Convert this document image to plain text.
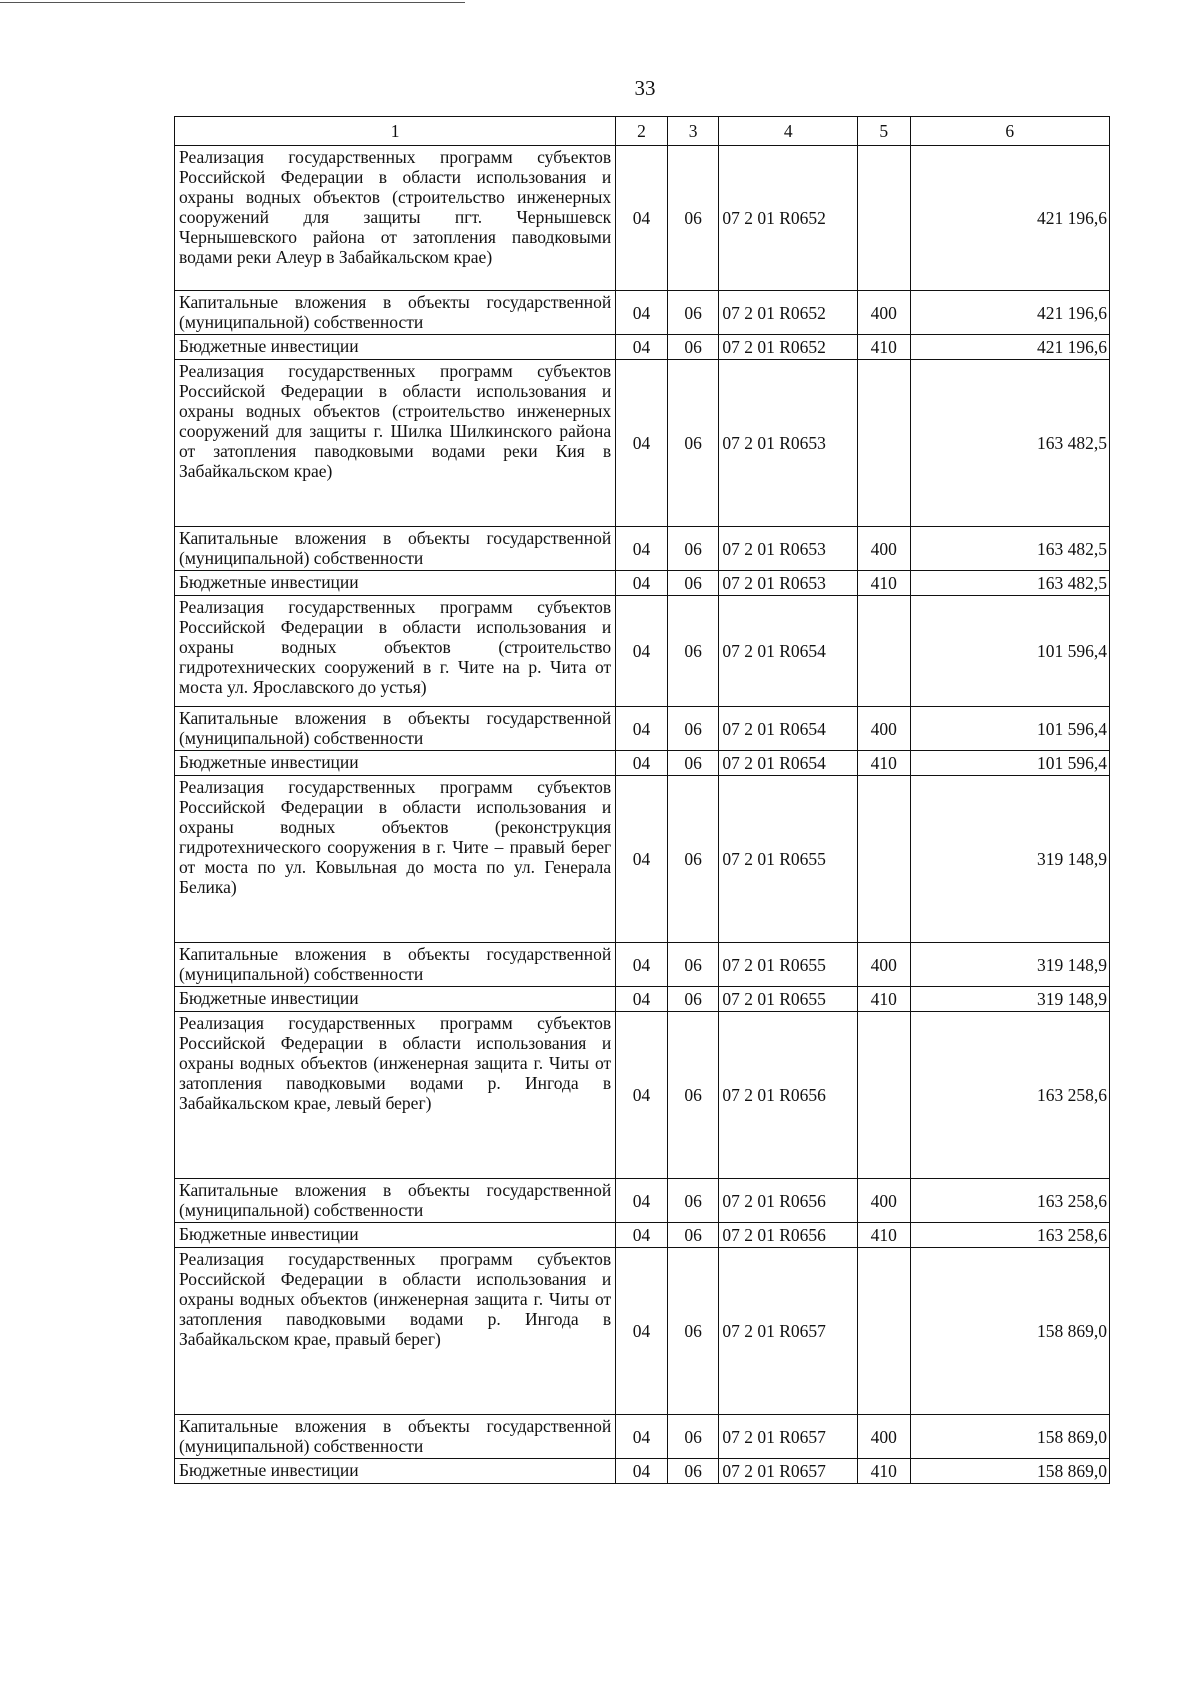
33
1	2	3	4	5	6
Реализация государственных программ субъектов Российской Федерации в области использования и охраны водных объектов (строительство инженерных сооружений для защиты пгт. Чернышевск Чернышевского района от затопления паводковыми водами реки Алеур в Забайкальском крае)	04	06	07 2 01 R0652		421 196,6
Капитальные вложения в объекты государственной (муниципальной) собственности	04	06	07 2 01 R0652	400	421 196,6
Бюджетные инвестиции	04	06	07 2 01 R0652	410	421 196,6
Реализация государственных программ субъектов Российской Федерации в области использования и охраны водных объектов (строительство инженерных сооружений для защиты г. Шилка Шилкинского района от затопления паводковыми водами реки Кия в Забайкальском крае)	04	06	07 2 01 R0653		163 482,5
Капитальные вложения в объекты государственной (муниципальной) собственности	04	06	07 2 01 R0653	400	163 482,5
Бюджетные инвестиции	04	06	07 2 01 R0653	410	163 482,5
Реализация государственных программ субъектов Российской Федерации в области использования и охраны водных объектов (строительство гидротехнических сооружений в г. Чите на р. Чита от моста ул. Ярославского до устья)	04	06	07 2 01 R0654		101 596,4
Капитальные вложения в объекты государственной (муниципальной) собственности	04	06	07 2 01 R0654	400	101 596,4
Бюджетные инвестиции	04	06	07 2 01 R0654	410	101 596,4
Реализация государственных программ субъектов Российской Федерации в области использования и охраны водных объектов (реконструкция гидротехнического сооружения в г. Чите – правый берег от моста по ул. Ковыльная до моста по ул. Генерала Белика)	04	06	07 2 01 R0655		319 148,9
Капитальные вложения в объекты государственной (муниципальной) собственности	04	06	07 2 01 R0655	400	319 148,9
Бюджетные инвестиции	04	06	07 2 01 R0655	410	319 148,9
Реализация государственных программ субъектов Российской Федерации в области использования и охраны водных объектов (инженерная защита г. Читы от затопления паводковыми водами р. Ингода в Забайкальском крае, левый берег)	04	06	07 2 01 R0656		163 258,6
Капитальные вложения в объекты государственной (муниципальной) собственности	04	06	07 2 01 R0656	400	163 258,6
Бюджетные инвестиции	04	06	07 2 01 R0656	410	163 258,6
Реализация государственных программ субъектов Российской Федерации в области использования и охраны водных объектов (инженерная защита г. Читы от затопления паводковыми водами р. Ингода в Забайкальском крае, правый берег)	04	06	07 2 01 R0657		158 869,0
Капитальные вложения в объекты государственной (муниципальной) собственности	04	06	07 2 01 R0657	400	158 869,0
Бюджетные инвестиции	04	06	07 2 01 R0657	410	158 869,0
